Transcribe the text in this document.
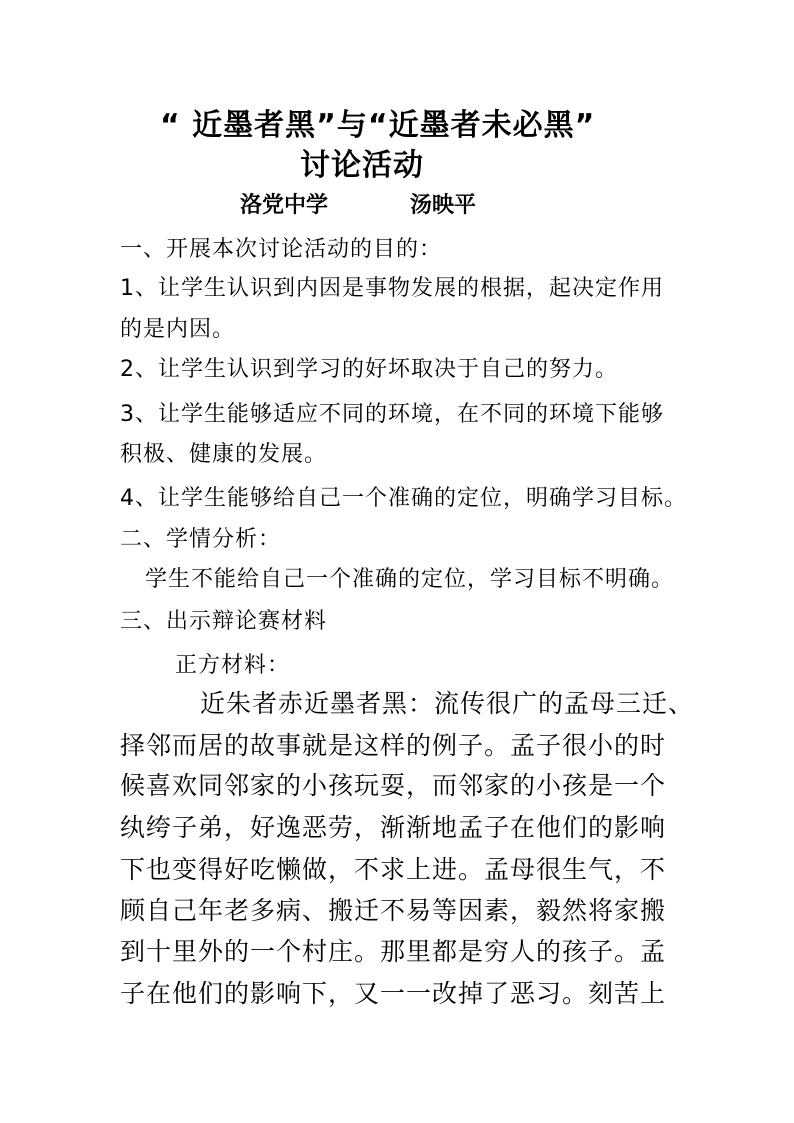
“ 近墨者黑”与“近墨者未必黑”
讨论活动
洛党中学	汤映平
一、开展本次讨论活动的目的：
1、让学生认识到内因是事物发展的根据，起决定作用
的是内因。
2、让学生认识到学习的好坏取决于自己的努力。
3、让学生能够适应不同的环境，在不同的环境下能够
积极、健康的发展。
4、让学生能够给自己一个准确的定位，明确学习目标。
二、学情分析：
学生不能给自己一个准确的定位，学习目标不明确。
三、出示辩论赛材料
正方材料：
近朱者赤近墨者黑：流传很广的孟母三迁、
择邻而居的故事就是这样的例子。孟子很小的时
候喜欢同邻家的小孩玩耍，而邻家的小孩是一个
纨绔子弟，好逸恶劳，渐渐地孟子在他们的影响
下也变得好吃懒做，不求上进。孟母很生气，不
顾自己年老多病、搬迁不易等因素，毅然将家搬
到十里外的一个村庄。那里都是穷人的孩子。孟
子在他们的影响下，又一一改掉了恶习。刻苦上
